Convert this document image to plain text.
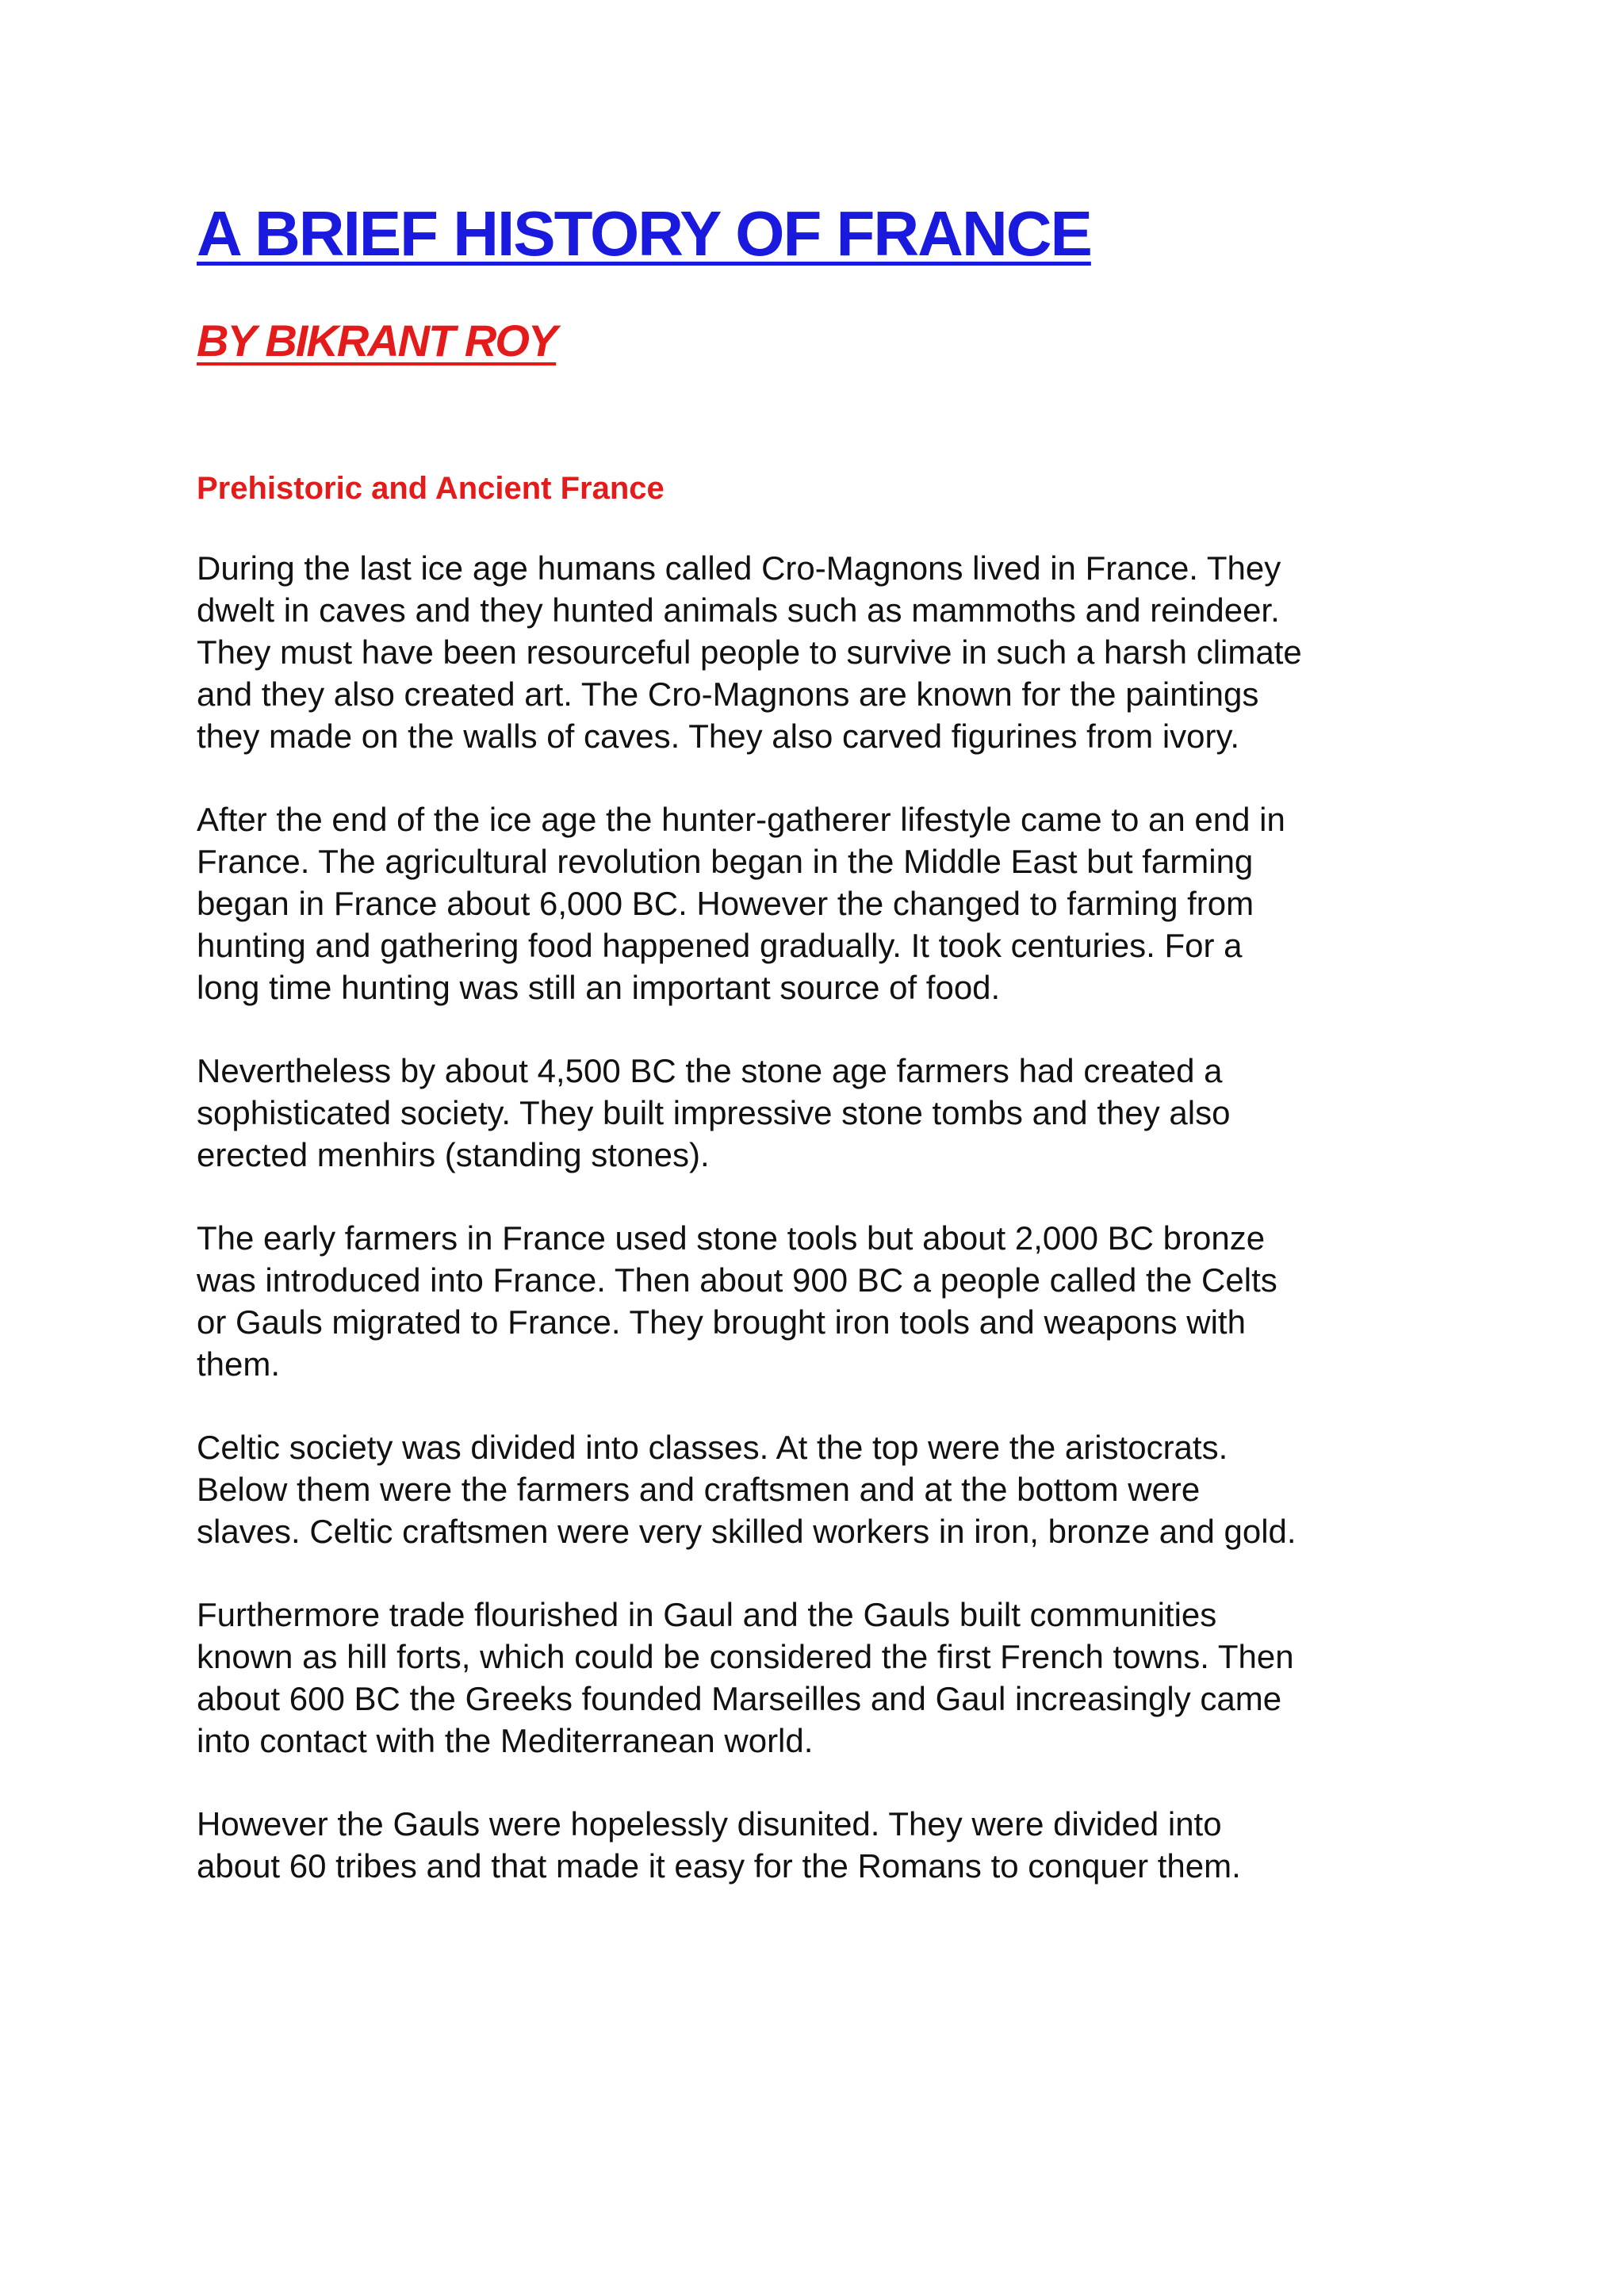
A BRIEF HISTORY OF FRANCE
BY BIKRANT ROY
Prehistoric and Ancient France

During the last ice age humans called Cro-Magnons lived in France. They
dwelt in caves and they hunted animals such as mammoths and reindeer.
They must have been resourceful people to survive in such a harsh climate
and they also created art. The Cro-Magnons are known for the paintings
they made on the walls of caves. They also carved figurines from ivory.

After the end of the ice age the hunter-gatherer lifestyle came to an end in
France. The agricultural revolution began in the Middle East but farming
began in France about 6,000 BC. However the changed to farming from
hunting and gathering food happened gradually. It took centuries. For a
long time hunting was still an important source of food.

Nevertheless by about 4,500 BC the stone age farmers had created a
sophisticated society. They built impressive stone tombs and they also
erected menhirs (standing stones).

The early farmers in France used stone tools but about 2,000 BC bronze
was introduced into France. Then about 900 BC a people called the Celts
or Gauls migrated to France. They brought iron tools and weapons with
them.

Celtic society was divided into classes. At the top were the aristocrats.
Below them were the farmers and craftsmen and at the bottom were
slaves. Celtic craftsmen were very skilled workers in iron, bronze and gold.

Furthermore trade flourished in Gaul and the Gauls built communities
known as hill forts, which could be considered the first French towns. Then
about 600 BC the Greeks founded Marseilles and Gaul increasingly came
into contact with the Mediterranean world.

However the Gauls were hopelessly disunited. They were divided into
about 60 tribes and that made it easy for the Romans to conquer them.
